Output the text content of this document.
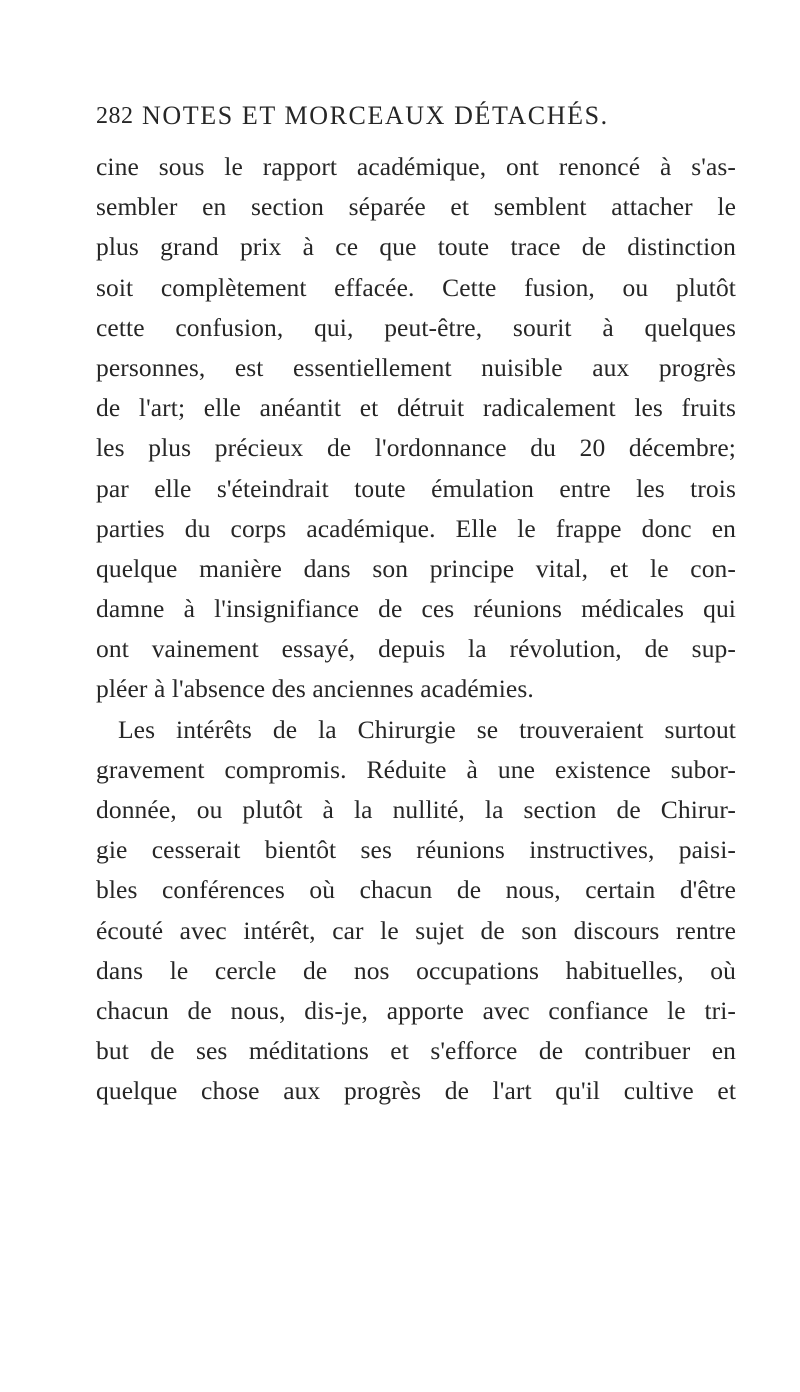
282 NOTES ET MORCEAUX DÉTACHÉS.
cine sous le rapport académique, ont renoncé à s'as-
sembler en section séparée et semblent attacher le
plus grand prix à ce que toute trace de distinction
soit complètement effacée. Cette fusion, ou plutôt
cette confusion, qui, peut-être, sourit à quelques
personnes, est essentiellement nuisible aux progrès
de l'art; elle anéantit et détruit radicalement les fruits
les plus précieux de l'ordonnance du 20 décembre;
par elle s'éteindrait toute émulation entre les trois
parties du corps académique. Elle le frappe donc en
quelque manière dans son principe vital, et le con-
damne à l'insignifiance de ces réunions médicales qui
ont vainement essayé, depuis la révolution, de sup-
pléer à l'absence des anciennes académies.
Les intérêts de la Chirurgie se trouveraient surtout
gravement compromis. Réduite à une existence subor-
donnée, ou plutôt à la nullité, la section de Chirur-
gie cesserait bientôt ses réunions instructives, paisi-
bles conférences où chacun de nous, certain d'être
écouté avec intérêt, car le sujet de son discours rentre
dans le cercle de nos occupations habituelles, où
chacun de nous, dis-je, apporte avec confiance le tri-
but de ses méditations et s'efforce de contribuer en
quelque chose aux progrès de l'art qu'il cultive et
